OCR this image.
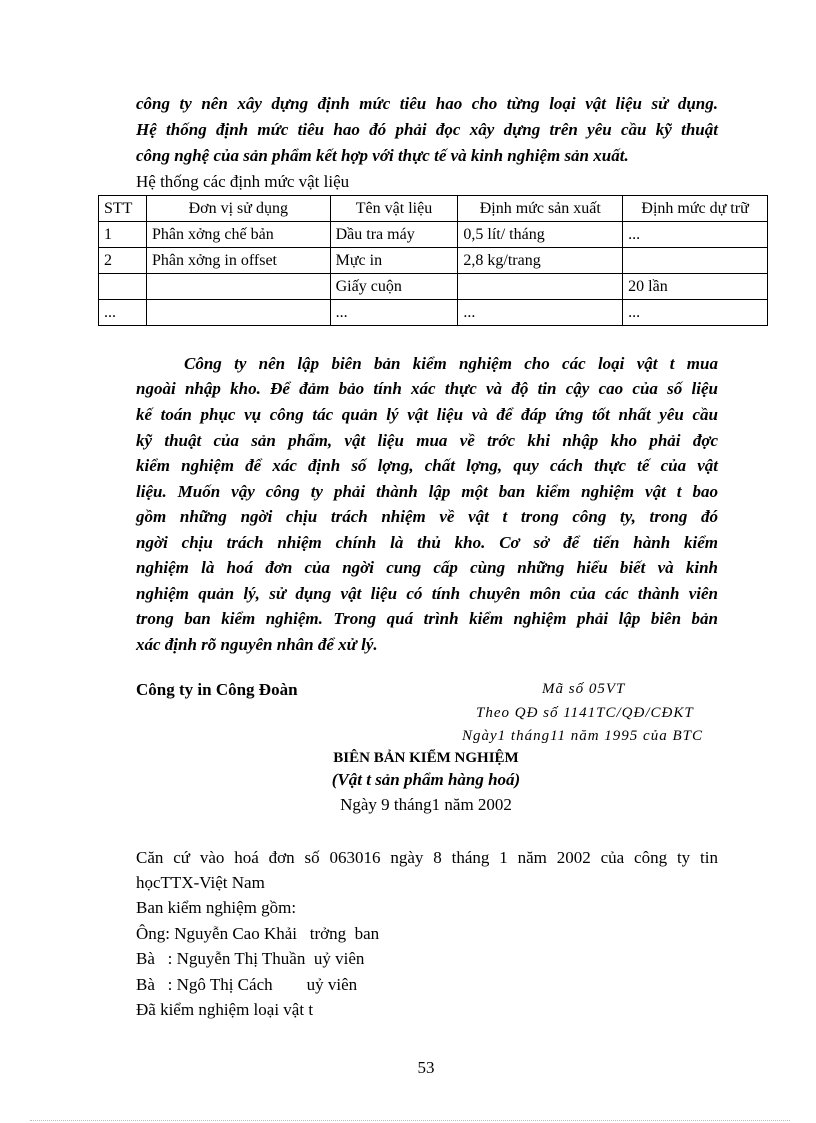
công ty nên xây dựng định mức tiêu hao cho từng loại vật liệu sử dụng.
Hệ thống định mức tiêu hao đó phải đọc xây dựng trên yêu cầu kỹ thuật
công nghệ của sản phẩm kết hợp với thực tế và kinh nghiệm sản xuất.
Hệ thống các định mức vật liệu
STT	Đơn vị sử dụng	Tên vật liệu	Định mức sản xuất	Định mức dự trữ
1	Phân xởng chế bản	Dầu tra máy	0,5 lít/ tháng	...
2	Phân xởng in offset	Mực in	2,8 kg/trang	
		Giấy cuộn		20 lần
...		...	...	...
Công ty nên lập biên bản kiểm nghiệm cho các loại vật t mua
ngoài nhập kho. Để đảm bảo tính xác thực và độ tin cậy cao của số liệu
kế toán phục vụ công tác quản lý vật liệu và để đáp ứng tốt nhất yêu cầu
kỹ thuật của sản phẩm, vật liệu mua về trớc khi nhập kho phải đợc
kiểm nghiệm để xác định số lợng, chất lợng, quy cách thực tế của vật
liệu. Muốn vậy công ty phải thành lập một ban kiểm nghiệm vật t bao
gồm những ngời chịu trách nhiệm về vật t trong công ty, trong đó
ngời chịu trách nhiệm chính là thủ kho. Cơ sở để tiến hành kiểm
nghiệm là hoá đơn của ngời cung cấp cùng những hiểu biết và kinh
nghiệm quản lý, sử dụng vật liệu có tính chuyên môn của các thành viên
trong ban kiểm nghiệm. Trong quá trình kiểm nghiệm phải lập biên bản
xác định rõ nguyên nhân để xử lý.
Công ty in Công Đoàn	Mã số 05VT
Theo QĐ số 1141TC/QĐ/CĐKT
Ngày1 tháng11 năm 1995 của BTC
BIÊN BẢN KIỂM NGHIỆM
(Vật t sản phẩm hàng hoá)
Ngày 9 tháng1 năm 2002
Căn cứ vào hoá đơn số 063016 ngày 8 tháng 1 năm 2002 của công ty tin
họcTTX-Việt Nam
Ban kiểm nghiệm gồm:
Ông: Nguyễn Cao Khải   trởng  ban
Bà   : Nguyễn Thị Thuần  uỷ viên
Bà   : Ngô Thị Cách        uỷ viên
Đã kiểm nghiệm loại vật t
53
